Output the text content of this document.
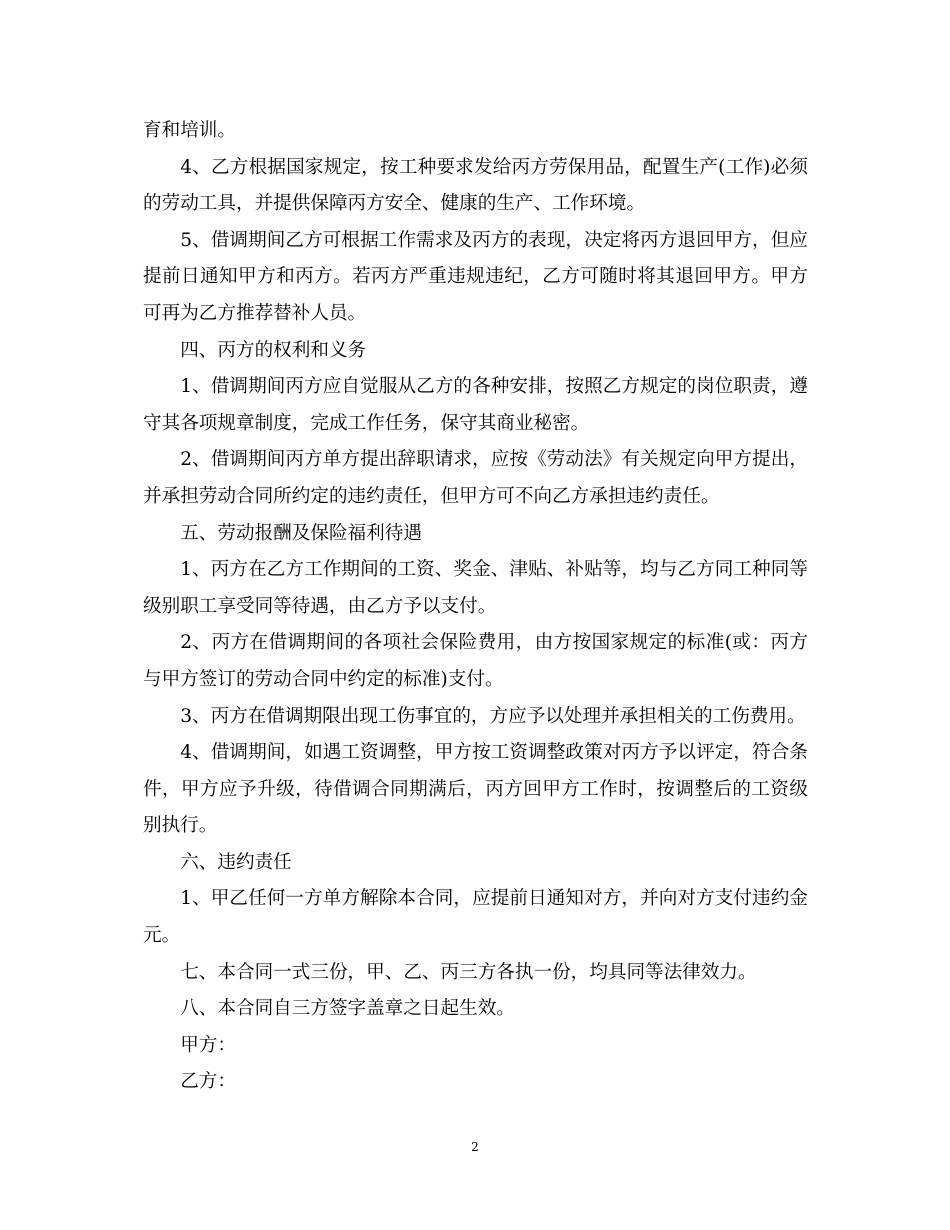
育和培训。

4、乙方根据国家规定，按工种要求发给丙方劳保用品，配置生产(工作)必须的劳动工具，并提供保障丙方安全、健康的生产、工作环境。

5、借调期间乙方可根据工作需求及丙方的表现，决定将丙方退回甲方，但应提前日通知甲方和丙方。若丙方严重违规违纪，乙方可随时将其退回甲方。甲方可再为乙方推荐替补人员。

四、丙方的权利和义务

1、借调期间丙方应自觉服从乙方的各种安排，按照乙方规定的岗位职责，遵守其各项规章制度，完成工作任务，保守其商业秘密。

2、借调期间丙方单方提出辞职请求，应按《劳动法》有关规定向甲方提出，并承担劳动合同所约定的违约责任，但甲方可不向乙方承担违约责任。

五、劳动报酬及保险福利待遇

1、丙方在乙方工作期间的工资、奖金、津贴、补贴等，均与乙方同工种同等级别职工享受同等待遇，由乙方予以支付。

2、丙方在借调期间的各项社会保险费用，由方按国家规定的标准(或：丙方与甲方签订的劳动合同中约定的标准)支付。

3、丙方在借调期限出现工伤事宜的，方应予以处理并承担相关的工伤费用。

4、借调期间，如遇工资调整，甲方按工资调整政策对丙方予以评定，符合条件，甲方应予升级，待借调合同期满后，丙方回甲方工作时，按调整后的工资级别执行。

六、违约责任

1、甲乙任何一方单方解除本合同，应提前日通知对方，并向对方支付违约金元。

七、本合同一式三份，甲、乙、丙三方各执一份，均具同等法律效力。

八、本合同自三方签字盖章之日起生效。

甲方：

乙方：

2
